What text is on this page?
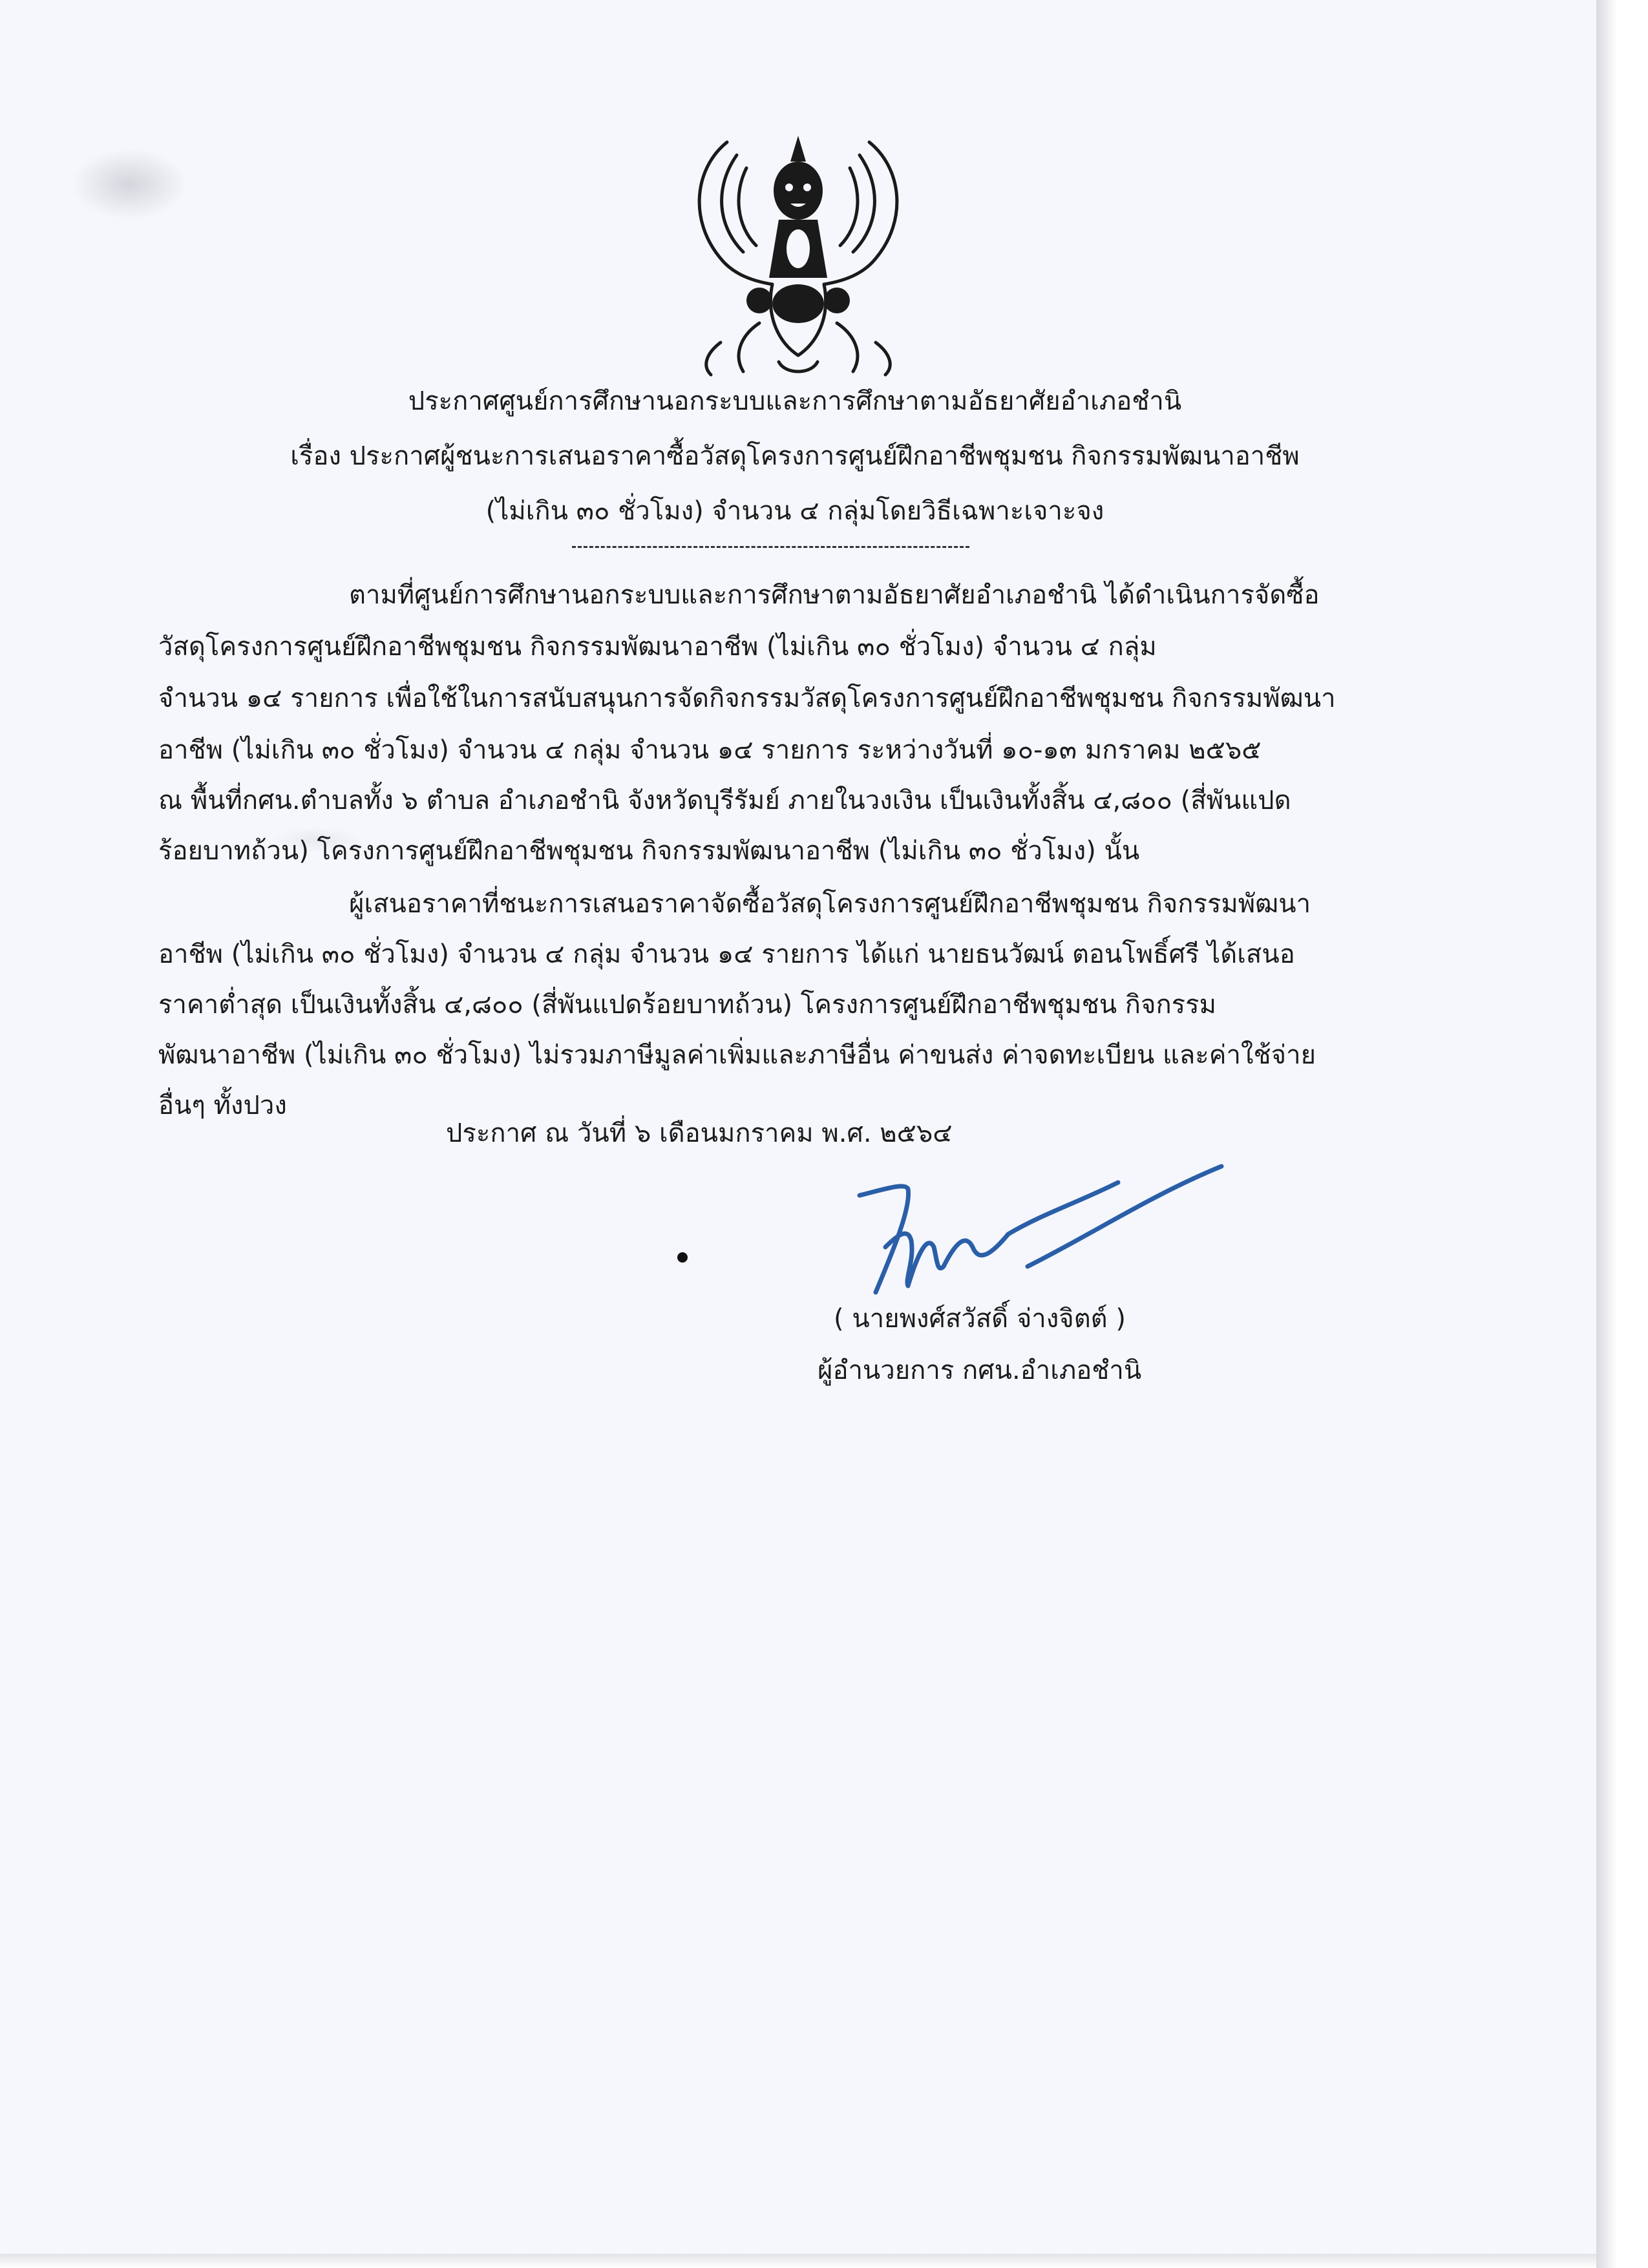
ประกาศศูนย์การศึกษานอกระบบและการศึกษาตามอัธยาศัยอำเภอชำนิ
เรื่อง ประกาศผู้ชนะการเสนอราคาซื้อวัสดุโครงการศูนย์ฝึกอาชีพชุมชน กิจกรรมพัฒนาอาชีพ
(ไม่เกิน ๓๐ ชั่วโมง) จำนวน ๔ กลุ่มโดยวิธีเฉพาะเจาะจง
ตามที่ศูนย์การศึกษานอกระบบและการศึกษาตามอัธยาศัยอำเภอชำนิ ได้ดำเนินการจัดซื้อ
วัสดุโครงการศูนย์ฝึกอาชีพชุมชน กิจกรรมพัฒนาอาชีพ (ไม่เกิน ๓๐ ชั่วโมง) จำนวน ๔ กลุ่ม
จำนวน ๑๔ รายการ เพื่อใช้ในการสนับสนุนการจัดกิจกรรมวัสดุโครงการศูนย์ฝึกอาชีพชุมชน กิจกรรมพัฒนา
อาชีพ (ไม่เกิน ๓๐ ชั่วโมง) จำนวน ๔ กลุ่ม จำนวน ๑๔ รายการ ระหว่างวันที่ ๑๐-๑๓ มกราคม ๒๕๖๕
ณ พื้นที่กศน.ตำบลทั้ง ๖ ตำบล อำเภอชำนิ จังหวัดบุรีรัมย์ ภายในวงเงิน เป็นเงินทั้งสิ้น ๔,๘๐๐ (สี่พันแปด
ร้อยบาทถ้วน) โครงการศูนย์ฝึกอาชีพชุมชน กิจกรรมพัฒนาอาชีพ (ไม่เกิน ๓๐ ชั่วโมง) นั้น
ผู้เสนอราคาที่ชนะการเสนอราคาจัดซื้อวัสดุโครงการศูนย์ฝึกอาชีพชุมชน กิจกรรมพัฒนา
อาชีพ (ไม่เกิน ๓๐ ชั่วโมง) จำนวน ๔ กลุ่ม จำนวน ๑๔ รายการ ได้แก่ นายธนวัฒน์ ตอนโพธิ์ศรี ได้เสนอ
ราคาต่ำสุด เป็นเงินทั้งสิ้น ๔,๘๐๐ (สี่พันแปดร้อยบาทถ้วน) โครงการศูนย์ฝึกอาชีพชุมชน กิจกรรม
พัฒนาอาชีพ (ไม่เกิน ๓๐ ชั่วโมง) ไม่รวมภาษีมูลค่าเพิ่มและภาษีอื่น ค่าขนส่ง ค่าจดทะเบียน และค่าใช้จ่าย
อื่นๆ ทั้งปวง
ประกาศ ณ วันที่ ๖ เดือนมกราคม พ.ศ. ๒๕๖๔
( นายพงศ์สวัสดิ์ จ่างจิตต์ )
ผู้อำนวยการ กศน.อำเภอชำนิ
